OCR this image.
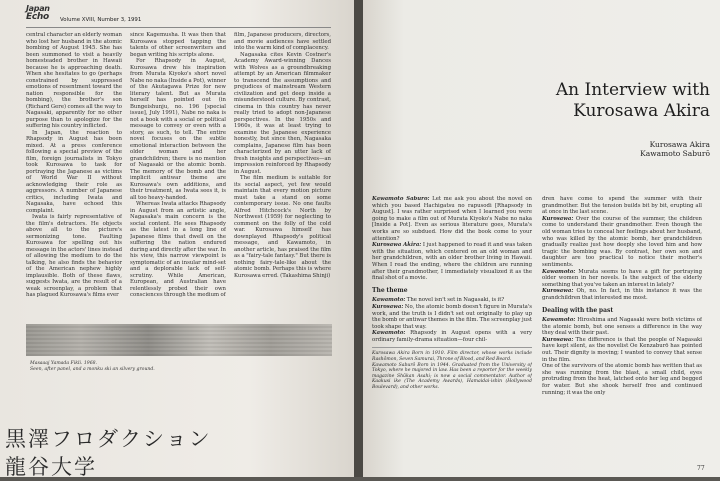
Japan
Echo Volume XVIII, Number 3, 1991

central character an elderly woman who lost her husband in the atomic bombing of August 1945. She has been summoned to visit a heavily homesteaded brother in Hawaii because he is approaching death. When she hesitates to go (perhaps constrained by suppressed emotions of resentment toward the nation responsible for the bombing), the brother's son (Richard Gere) comes all the way to Nagasaki, apparently for no other purpose than to apologize for the suffering his country inflicted.

In Japan, the reaction to Rhapsody in August has been mixed. At a press conference following a special preview of the film, foreign journalists in Tokyo took Kurosawa to task for portraying the Japanese as victims of World War II without acknowledging their role as aggressors. A number of Japanese critics, including Iwata and Nagasaka, have echoed this complaint.

Iwata is fairly representative of the film's detractors. He objects above all to the picture's sermonizing tone. Faulting Kurosawa for spelling out his message in the actors' lines instead of allowing the medium to do the talking, he also finds the behavior of the American nephew highly implausible. Both of these flaws, suggests Iwata, are the result of a weak screenplay, a problem that has plagued Kurosawa's films ever

since Kagemusha. It was then that Kurosawa stopped tapping the talents of other screenwriters and began writing his scripts alone.

For Rhapsody in August, Kurosawa drew his inspiration from Murata Kiyoko's short novel Nabe no naka (Inside a Pot), winner of the Akutagawa Prize for new literary talent. But as Murata herself has pointed out (in Bungeishunju, no. 196 [special issue], July 1991), Nabe no naka is not a book with a social or political message to convey or even with a story, as such, to tell. The entire novel focuses on the subtle emotional interaction between the older woman and her grandchildren; there is no mention of Nagasaki or the atomic bomb. The memory of the bomb and the implicit antiwar theme are Kurosawa's own additions, and their treatment, as Iwata sees it, is all too heavy-handed.

Whereas Iwata attacks Rhapsody in August from an artistic angle, Nagasaka's main concern is the social content. He sees Rhapsody as the latest in a long line of Japanese films that dwell on the suffering the nation endured during and directly after the war. In his view, this narrow viewpoint is symptomatic of an insular mind-set and a deplorable lack of self-scrutiny. While American, European, and Australian have relentlessly probed their own consciences through the medium of

film, Japanese producers, directors, and movie audiences have settled into the warm kind of complacency.

Nagasaka cites Kevin Costner's Academy Award-winning Dances with Wolves as a groundbreaking attempt by an American filmmaker to transcend the assumptions and prejudices of mainstream Western civilization and get deep inside a misunderstood culture. By contrast, cinema in this country has never really tried to adopt non-Japanese perspectives. In the 1950s and 1960s, it was at least trying to examine the Japanese experience honestly, but since then, Nagasaka complains, Japanese film has been characterized by an utter lack of fresh insights and perspectives—an impression reinforced by Rhapsody in August.

The film medium is suitable for its social aspect, yet few would maintain that every motion picture must take a stand on some contemporary issue. No one faults Alfred Hitchcock's North by Northwest (1959) for neglecting to comment on the folly of the cold war. Kurosawa himself has downplayed Rhapsody's political message, and Kawamoto, in another article, has praised the film as a "fairy-tale fantasy." But there is nothing fairy-tale-like about the atomic bomb. Perhaps this is where Kurosawa erred. (Takashima Shinji)

Masaaaj Yamada Fikli. 1968.
Seen, after panel, and a monku ski an silvery ground.
黒澤フロダクション
龍谷大学
An Interview with
Kurosawa Akira
Kurosawa Akira
Kawamoto Saburō

Kawamoto Saburō: Let me ask you about the novel on which you based Hachigatsu no rapusodi [Rhapsody in August]. I was rather surprised when I learned you were going to make a film out of Murata Kiyoko's Nabe no naka [Inside a Pot]. Even as serious literature goes, Murata's works are so subdued. How did the book come to your attention?

Kurosawa Akira: I just happened to read it and was taken with the situation, which centered on an old woman and her grandchildren, with an older brother living in Hawaii. When I read the ending, where the children are running after their grandmother, I immediately visualized it as the final shot of a movie.

The theme

Kawamoto: The novel isn't set in Nagasaki, is it?

Kurosawa: No, the atomic bomb doesn't figure in Murata's work, and the truth is I didn't set out originally to play up the bomb or antiwar themes in the film. The screenplay just took shape that way.

Kawamoto: Rhapsody in August opens with a very ordinary family-drama situation—four chil-

Kurosawa Akira Born in 1910. Film director, whose works include Rashōmon, Seven Samurai, Throne of Blood, and Red Beard.

Kawamoto Saburō Born in 1944. Graduated from the University of Tokyo, where he majored in law. Has been a reporter for the weekly magazine Shūkan Asahi; is now a social commentator. Author of Kaakusi ike (The Academy Awards), Hamaidai-ishin (Hollywood Boulevard), and other works.

dren have come to spend the summer with their grandmother. But the tension builds bit by bit, erupting all at once in the last scene.

Kurosawa: Over the course of the summer, the children come to understand their grandmother. Even though the old woman tries to conceal her feelings about her husband, who was killed by the atomic bomb, her grandchildren gradually realize just how deeply she loved him and how tragic the bombing was. By contrast, her own son and daughter are too practical to notice their mother's sentiments.

Kawamoto: Murata seems to have a gift for portraying older women in her novels. Is the subject of the elderly something that you've taken an interest in lately?

Kurosawa: Oh, no. In fact, in this instance it was the grandchildren that interested me most.

Dealing with the past

Kawamoto: Hiroshima and Nagasaki were both victims of the atomic bomb, but one senses a difference in the way they deal with their past.

Kurosawa: The difference is that the people of Nagasaki have kept silent, as the novelist Oe Kenzaburō has pointed out. Their dignity is moving; I wanted to convey that sense in the film.

One of the survivors of the atomic bomb has written that as she was running from the blast, a small child, eyes protruding from the heat, latched onto her leg and begged for water. But she shook herself free and continued running; it was the only

77
